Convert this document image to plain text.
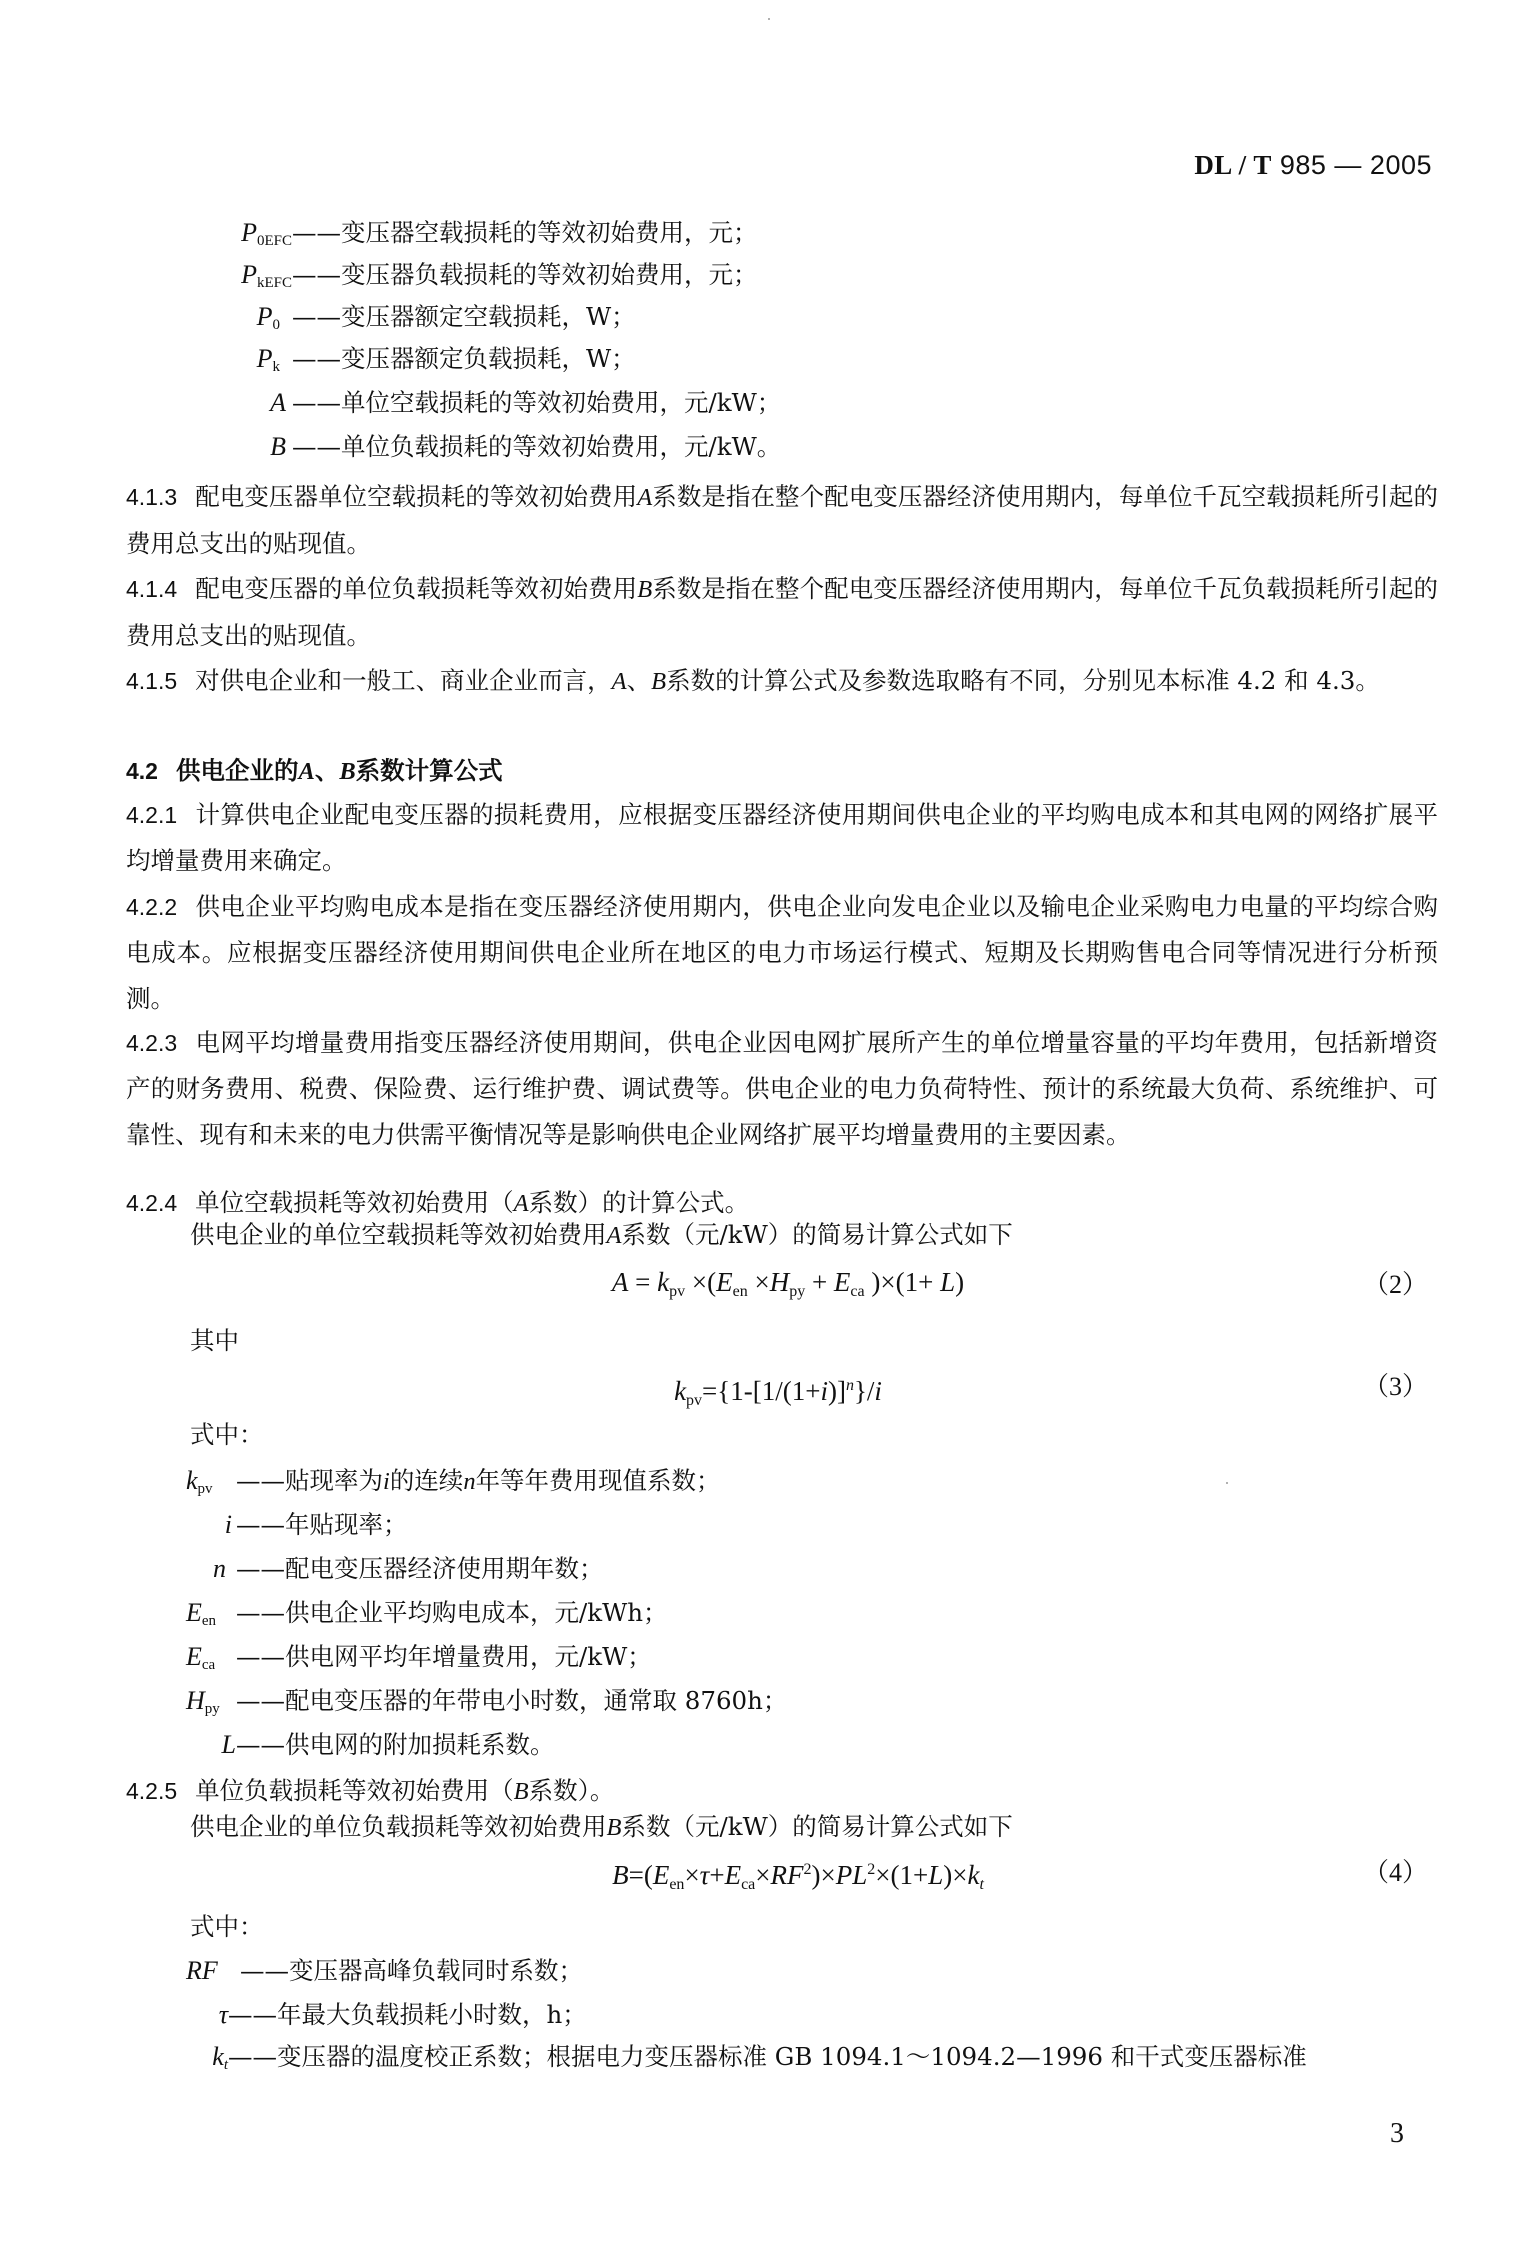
DL / T 985 — 2005
$P_{0EFC}——$变压器空载损耗的等效初始费用，元；
$P_{kEFC}——$变压器负载损耗的等效初始费用，元；
$P_0$ ——变压器额定空载损耗，W；
$P_k$ ——变压器额定负载损耗，W；
A ——单位空载损耗的等效初始费用，元/kW；
B ——单位负载损耗的等效初始费用，元/kW。
4.1.3 配电变压器单位空载损耗的等效初始费用A系数是指在整个配电变压器经济使用期内，每单位千瓦空载损耗所引起的费用总支出的贴现值。
4.1.4 配电变压器的单位负载损耗等效初始费用B系数是指在整个配电变压器经济使用期内，每单位千瓦负载损耗所引起的费用总支出的贴现值。
4.1.5 对供电企业和一般工、商业企业而言，A、B系数的计算公式及参数选取略有不同，分别见本标准 4.2 和 4.3。
4.2 供电企业的A、B系数计算公式
4.2.1 计算供电企业配电变压器的损耗费用，应根据变压器经济使用期间供电企业的平均购电成本和其电网的网络扩展平均增量费用来确定。
4.2.2 供电企业平均购电成本是指在变压器经济使用期内，供电企业向发电企业以及输电企业采购电力电量的平均综合购电成本。应根据变压器经济使用期间供电企业所在地区的电力市场运行模式、短期及长期购售电合同等情况进行分析预测。
4.2.3 电网平均增量费用指变压器经济使用期间，供电企业因电网扩展所产生的单位增量容量的平均年费用，包括新增资产的财务费用、税费、保险费、运行维护费、调试费等。供电企业的电力负荷特性、预计的系统最大负荷、系统维护、可靠性、现有和未来的电力供需平衡情况等是影响供电企业网络扩展平均增量费用的主要因素。
4.2.4 单位空载损耗等效初始费用（A系数）的计算公式。
供电企业的单位空载损耗等效初始费用A系数（元/kW）的简易计算公式如下
$A = k_{pv} \times(E_{en} \times H_{py} + E_{ca}$ )×(1+ L)	（2）
其中
$k_{pv}=\{1-[1/(1+i)]^n\}/i$	（3）
式中：
$k_{pv}$ ——贴现率为i的连续n年等年费用现值系数；
i ——年贴现率；
n ——配电变压器经济使用期年数；
$E_{en}$ ——供电企业平均购电成本，元/kWh；
$E_{ca}$ ——供电网平均年增量费用，元/kW；
$H_{py}$ ——配电变压器的年带电小时数，通常取 8760h；
L——供电网的附加损耗系数。
4.2.5 单位负载损耗等效初始费用（B系数）。
供电企业的单位负载损耗等效初始费用B系数（元/kW）的简易计算公式如下
$B=(E_{en}\times\tau+E_{ca}\times RF^2)\times PL^2\times(1+L)\times k_t$	（4）
式中：
RF ——变压器高峰负载同时系数；
τ——年最大负载损耗小时数，h；
$k_t——$变压器的温度校正系数；根据电力变压器标准 GB 1094.1～1094.2—1996 和干式变压器标准
3
